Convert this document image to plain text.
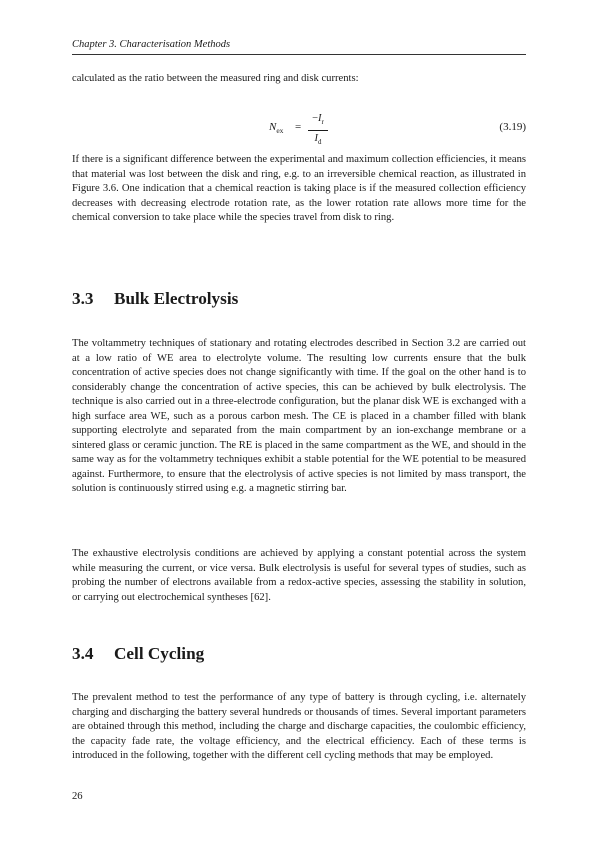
Chapter 3. Characterisation Methods

calculated as the ratio between the measured ring and disk currents:

$N_{ex}$ =
$-I_r$
$I_d$
(3.19)

If there is a significant difference between the experimental and maximum collection efficiencies, it means that material was lost between the disk and ring, e.g. to an irreversible chemical reaction, as illustrated in Figure 3.6. One indication that a chemical reaction is taking place is if the measured collection efficiency decreases with decreasing electrode rotation rate, as the lower rotation rate allows more time for the chemical conversion to take place while the species travel from disk to ring.

3.3 Bulk Electrolysis

The voltammetry techniques of stationary and rotating electrodes described in Section 3.2 are carried out at a low ratio of WE area to electrolyte volume. The resulting low currents ensure that the bulk concentration of active species does not change significantly with time. If the goal on the other hand is to considerably change the concentration of active species, this can be achieved by bulk electrolysis. The technique is also carried out in a three-electrode configuration, but the planar disk WE is exchanged with a high surface area WE, such as a porous carbon mesh. The CE is placed in a chamber filled with blank supporting electrolyte and separated from the main compartment by an ion-exchange membrane or a sintered glass or ceramic junction. The RE is placed in the same compartment as the WE, and should in the same way as for the voltammetry techniques exhibit a stable potential for the WE potential to be measured against. Furthermore, to ensure that the electrolysis of active species is not limited by mass transport, the solution is continuously stirred using e.g. a magnetic stirring bar.

The exhaustive electrolysis conditions are achieved by applying a constant potential across the system while measuring the current, or vice versa. Bulk electrolysis is useful for several types of studies, such as probing the number of electrons available from a redox-active species, assessing the stability in solution, or carrying out electrochemical syntheses [62].

3.4 Cell Cycling

The prevalent method to test the performance of any type of battery is through cycling, i.e. alternately charging and discharging the battery several hundreds or thousands of times. Several important parameters are obtained through this method, including the charge and discharge capacities, the coulombic efficiency, the capacity fade rate, the voltage efficiency, and the electrical efficiency. Each of these terms is introduced in the following, together with the different cell cycling methods that may be employed.

26
